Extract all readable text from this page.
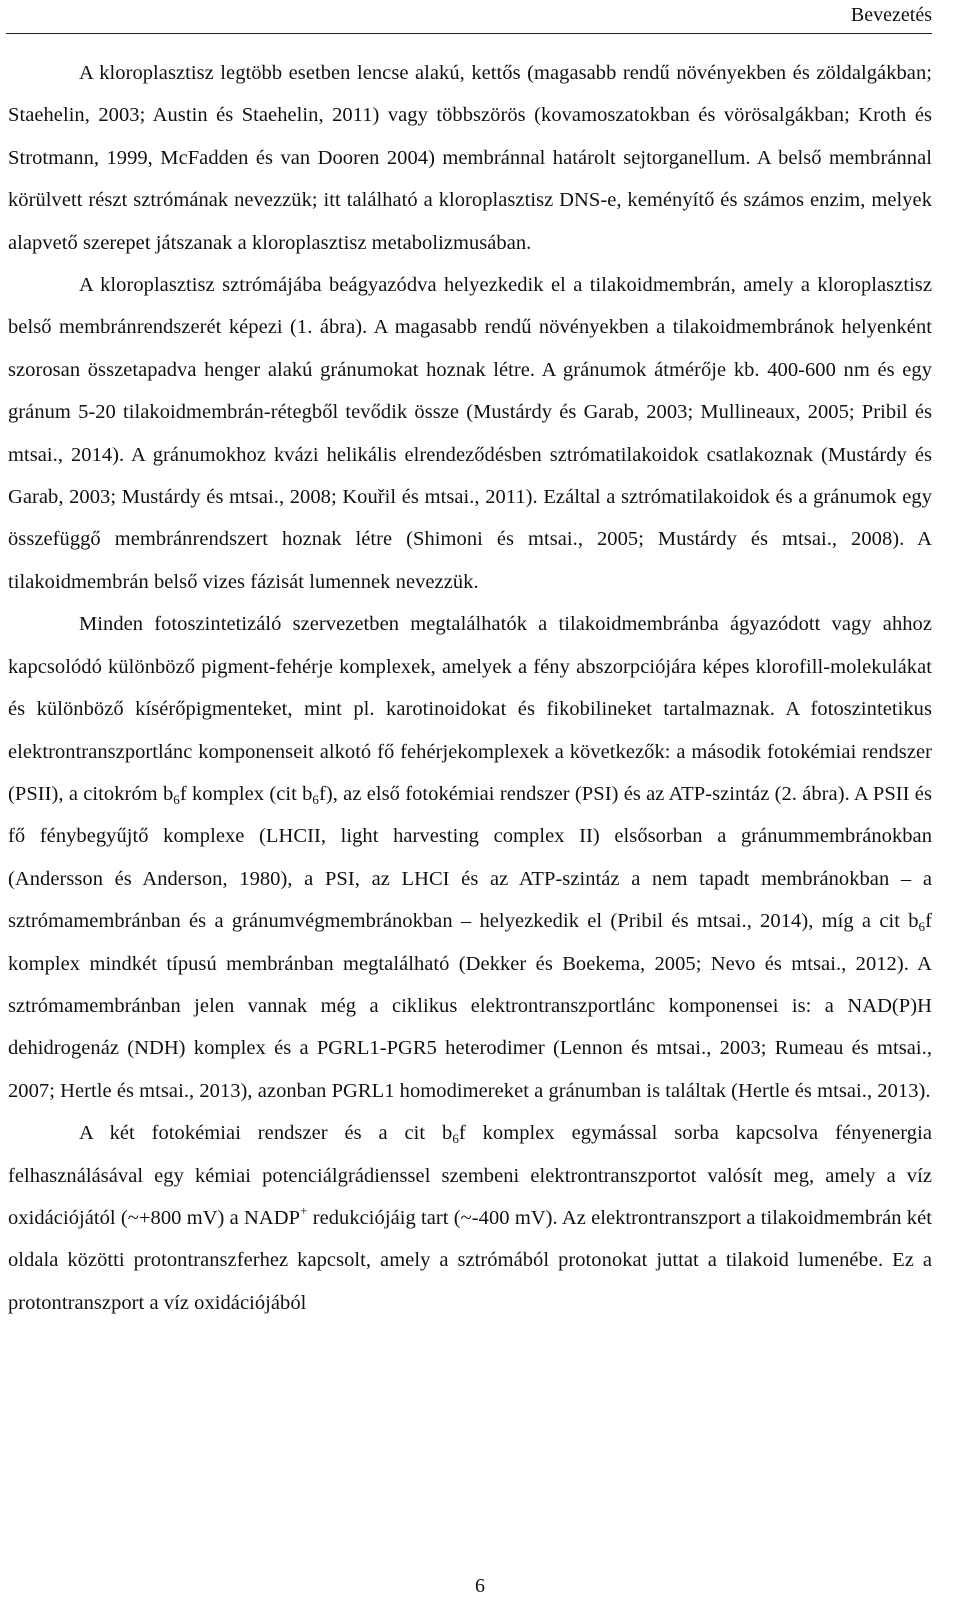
Bevezetés

A kloroplasztisz legtöbb esetben lencse alakú, kettős (magasabb rendű növényekben és zöldalgákban; Staehelin, 2003; Austin és Staehelin, 2011) vagy többszörös (kovamoszatokban és vörösalgákban; Kroth és Strotmann, 1999, McFadden és van Dooren 2004) membránnal határolt sejtorganellum. A belső membránnal körülvett részt sztrómának nevezzük; itt található a kloroplasztisz DNS-e, keményítő és számos enzim, melyek alapvető szerepet játszanak a kloroplasztisz metabolizmusában.

A kloroplasztisz sztrómájába beágyazódva helyezkedik el a tilakoidmembrán, amely a kloroplasztisz belső membránrendszerét képezi (1. ábra). A magasabb rendű növényekben a tilakoidmembránok helyenként szorosan összetapadva henger alakú gránumokat hoznak létre. A gránumok átmérője kb. 400-600 nm és egy gránum 5-20 tilakoidmembrán-rétegből tevődik össze (Mustárdy és Garab, 2003; Mullineaux, 2005; Pribil és mtsai., 2014). A gránumokhoz kvázi helikális elrendeződésben sztrómatilakoidok csatlakoznak (Mustárdy és Garab, 2003; Mustárdy és mtsai., 2008; Kouřil és mtsai., 2011). Ezáltal a sztrómatilakoidok és a gránumok egy összefüggő membránrendszert hoznak létre (Shimoni és mtsai., 2005; Mustárdy és mtsai., 2008). A tilakoidmembrán belső vizes fázisát lumennek nevezzük.

Minden fotoszintetizáló szervezetben megtalálhatók a tilakoidmembránba ágyazódott vagy ahhoz kapcsolódó különböző pigment-fehérje komplexek, amelyek a fény abszorpciójára képes klorofill-molekulákat és különböző kísérőpigmenteket, mint pl. karotinoidokat és fikobilineket tartalmaznak. A fotoszintetikus elektrontranszportlánc komponenseit alkotó fő fehérjekomplexek a következők: a második fotokémiai rendszer (PSII), a citokróm $b_6f$ komplex (cit $b_6f$), az első fotokémiai rendszer (PSI) és az ATP-szintáz (2. ábra). A PSII és fő fénybegyűjtő komplexe (LHCII, light harvesting complex II) elsősorban a gránummembránokban (Andersson és Anderson, 1980), a PSI, az LHCI és az ATP-szintáz a nem tapadt membránokban – a sztrómamembránban és a gránumvégmembránokban – helyezkedik el (Pribil és mtsai., 2014), míg a cit $b_6f$ komplex mindkét típusú membránban megtalálható (Dekker és Boekema, 2005; Nevo és mtsai., 2012). A sztrómamembránban jelen vannak még a ciklikus elektrontranszportlánc komponensei is: a NAD(P)H dehidrogenáz (NDH) komplex és a PGRL1-PGR5 heterodimer (Lennon és mtsai., 2003; Rumeau és mtsai., 2007; Hertle és mtsai., 2013), azonban PGRL1 homodimereket a gránumban is találtak (Hertle és mtsai., 2013).

A két fotokémiai rendszer és a cit $b_6f$ komplex egymással sorba kapcsolva fényenergia felhasználásával egy kémiai potenciálgrádienssel szembeni elektrontranszportot valósít meg, amely a víz oxidációjától (~+800 mV) a NADP+ redukciójáig tart (~-400 mV). Az elektrontranszport a tilakoidmembrán két oldala közötti protontranszferhez kapcsolt, amely a sztrómából protonokat juttat a tilakoid lumenébe. Ez a protontranszport a víz oxidációjából

6
